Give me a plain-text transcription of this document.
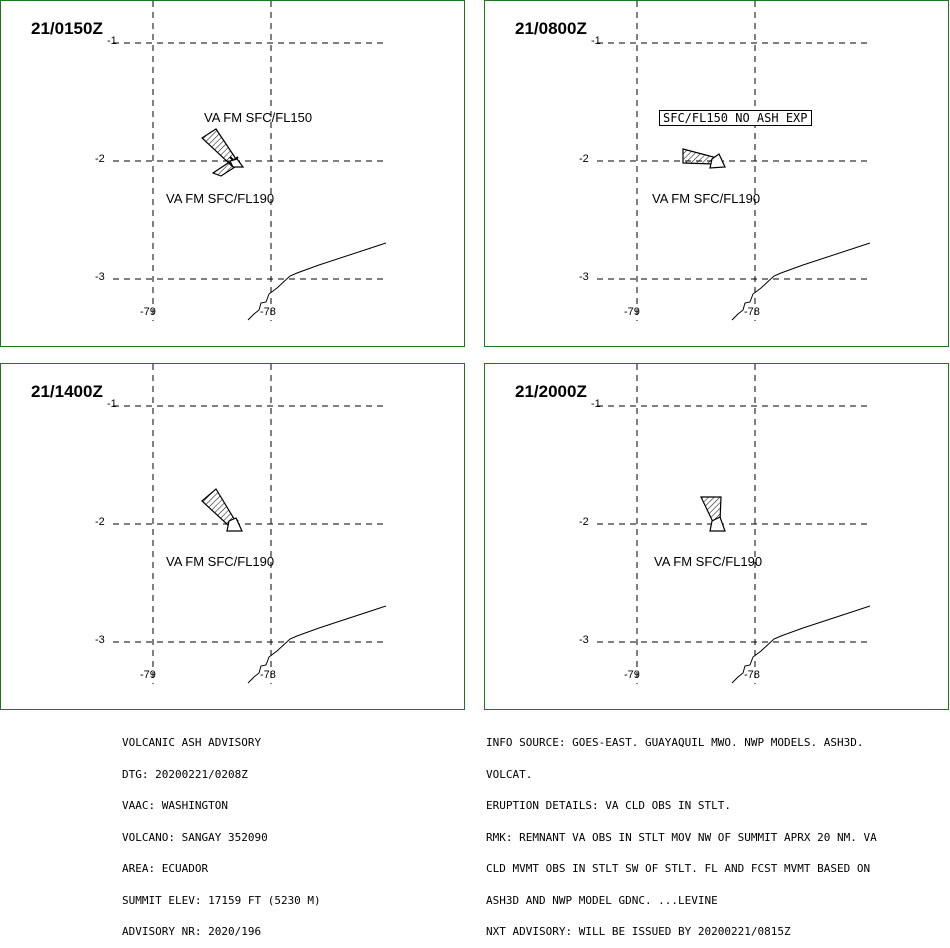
21/0150Z
VA FM SFC/FL150
VA FM SFC/FL190
-1
-2
-3
-79	-78
21/0800Z
SFC/FL150 NO ASH EXP
VA FM SFC/FL190
-1
-2
-3
-79	-78
21/1400Z
VA FM SFC/FL190
-1
-2
-3
-79	-78
21/2000Z
VA FM SFC/FL190
-1
-2
-3
-79	-78

VOLCANIC ASH ADVISORY

DTG: 20200221/0208Z

VAAC: WASHINGTON

VOLCANO: SANGAY 352090

AREA: ECUADOR

SUMMIT ELEV: 17159 FT (5230 M)

ADVISORY NR: 2020/196

INFO SOURCE: GOES-EAST. GUAYAQUIL MWO. NWP MODELS. ASH3D.

VOLCAT.

ERUPTION DETAILS: VA CLD OBS IN STLT.

RMK: REMNANT VA OBS IN STLT MOV NW OF SUMMIT APRX 20 NM. VA

CLD MVMT OBS IN STLT SW OF STLT. FL AND FCST MVMT BASED ON

ASH3D AND NWP MODEL GDNC. ...LEVINE

NXT ADVISORY: WILL BE ISSUED BY 20200221/0815Z
